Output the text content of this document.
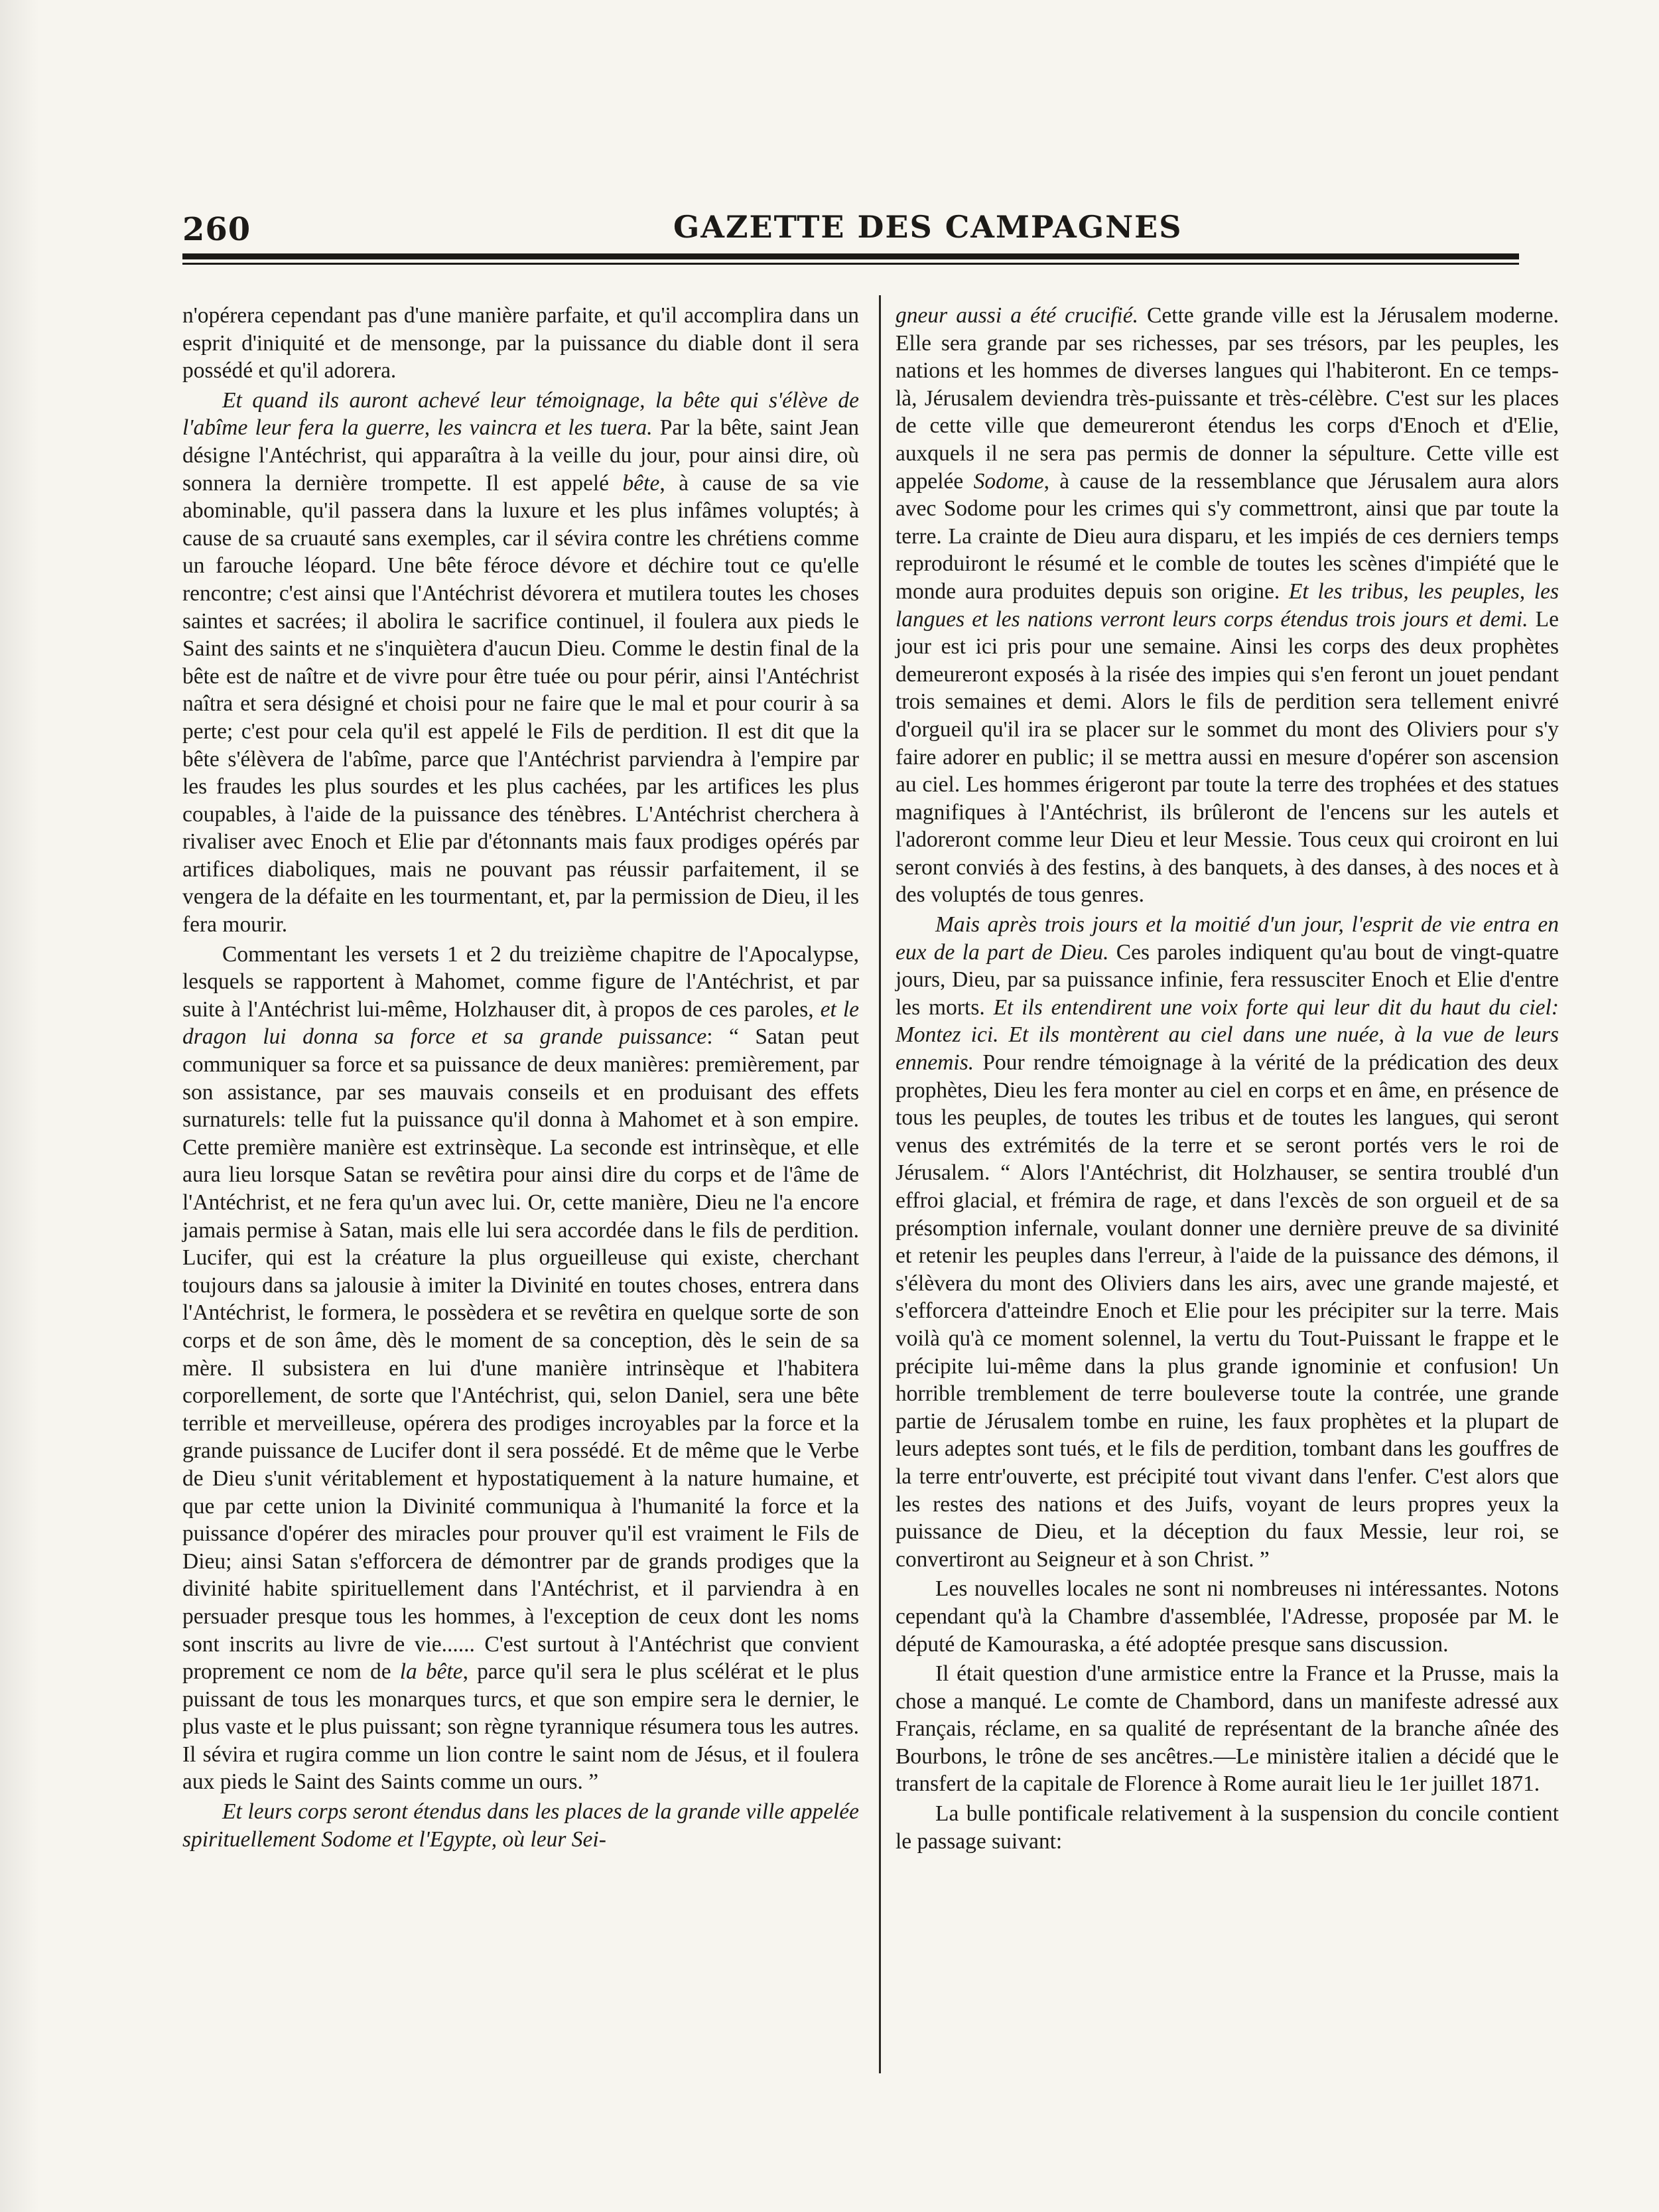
260	GAZETTE DES CAMPAGNES

n'opérera cependant pas d'une manière parfaite, et qu'il accomplira dans un esprit d'iniquité et de mensonge, par la puissance du diable dont il sera possédé et qu'il adorera.

Et quand ils auront achevé leur témoignage, la bête qui s'élève de l'abîme leur fera la guerre, les vaincra et les tuera. Par la bête, saint Jean désigne l'Antéchrist, qui apparaîtra à la veille du jour, pour ainsi dire, où sonnera la dernière trompette. Il est appelé bête, à cause de sa vie abominable, qu'il passera dans la luxure et les plus infâmes voluptés; à cause de sa cruauté sans exemples, car il sévira contre les chrétiens comme un farouche léopard. Une bête féroce dévore et déchire tout ce qu'elle rencontre; c'est ainsi que l'Antéchrist dévorera et mutilera toutes les choses saintes et sacrées; il abolira le sacrifice continuel, il foulera aux pieds le Saint des saints et ne s'inquiètera d'aucun Dieu. Comme le destin final de la bête est de naître et de vivre pour être tuée ou pour périr, ainsi l'Antéchrist naîtra et sera désigné et choisi pour ne faire que le mal et pour courir à sa perte; c'est pour cela qu'il est appelé le Fils de perdition. Il est dit que la bête s'élèvera de l'abîme, parce que l'Antéchrist parviendra à l'empire par les fraudes les plus sourdes et les plus cachées, par les artifices les plus coupables, à l'aide de la puissance des ténèbres. L'Antéchrist cherchera à rivaliser avec Enoch et Elie par d'étonnants mais faux prodiges opérés par artifices diaboliques, mais ne pouvant pas réussir parfaitement, il se vengera de la défaite en les tourmentant, et, par la permission de Dieu, il les fera mourir.

Commentant les versets 1 et 2 du treizième chapitre de l'Apocalypse, lesquels se rapportent à Mahomet, comme figure de l'Antéchrist, et par suite à l'Antéchrist lui-même, Holzhauser dit, à propos de ces paroles, et le dragon lui donna sa force et sa grande puissance: “ Satan peut communiquer sa force et sa puissance de deux manières: premièrement, par son assistance, par ses mauvais conseils et en produisant des effets surnaturels: telle fut la puissance qu'il donna à Mahomet et à son empire. Cette première manière est extrinsèque. La seconde est intrinsèque, et elle aura lieu lorsque Satan se revêtira pour ainsi dire du corps et de l'âme de l'Antéchrist, et ne fera qu'un avec lui. Or, cette manière, Dieu ne l'a encore jamais permise à Satan, mais elle lui sera accordée dans le fils de perdition. Lucifer, qui est la créature la plus orgueilleuse qui existe, cherchant toujours dans sa jalousie à imiter la Divinité en toutes choses, entrera dans l'Antéchrist, le formera, le possèdera et se revêtira en quelque sorte de son corps et de son âme, dès le moment de sa conception, dès le sein de sa mère. Il subsistera en lui d'une manière intrinsèque et l'habitera corporellement, de sorte que l'Antéchrist, qui, selon Daniel, sera une bête terrible et merveilleuse, opérera des prodiges incroyables par la force et la grande puissance de Lucifer dont il sera possédé. Et de même que le Verbe de Dieu s'unit véritablement et hypostatiquement à la nature humaine, et que par cette union la Divinité communiqua à l'humanité la force et la puissance d'opérer des miracles pour prouver qu'il est vraiment le Fils de Dieu; ainsi Satan s'efforcera de démontrer par de grands prodiges que la divinité habite spirituellement dans l'Antéchrist, et il parviendra à en persuader presque tous les hommes, à l'exception de ceux dont les noms sont inscrits au livre de vie...... C'est surtout à l'Antéchrist que convient proprement ce nom de la bête, parce qu'il sera le plus scélérat et le plus puissant de tous les monarques turcs, et que son empire sera le dernier, le plus vaste et le plus puissant; son règne tyrannique résumera tous les autres. Il sévira et rugira comme un lion contre le saint nom de Jésus, et il foulera aux pieds le Saint des Saints comme un ours. ”

Et leurs corps seront étendus dans les places de la grande ville appelée spirituellement Sodome et l'Egypte, où leur Sei-

gneur aussi a été crucifié. Cette grande ville est la Jérusalem moderne. Elle sera grande par ses richesses, par ses trésors, par les peuples, les nations et les hommes de diverses langues qui l'habiteront. En ce temps-là, Jérusalem deviendra très-puissante et très-célèbre. C'est sur les places de cette ville que demeureront étendus les corps d'Enoch et d'Elie, auxquels il ne sera pas permis de donner la sépulture. Cette ville est appelée Sodome, à cause de la ressemblance que Jérusalem aura alors avec Sodome pour les crimes qui s'y commettront, ainsi que par toute la terre. La crainte de Dieu aura disparu, et les impiés de ces derniers temps reproduiront le résumé et le comble de toutes les scènes d'impiété que le monde aura produites depuis son origine. Et les tribus, les peuples, les langues et les nations verront leurs corps étendus trois jours et demi. Le jour est ici pris pour une semaine. Ainsi les corps des deux prophètes demeureront exposés à la risée des impies qui s'en feront un jouet pendant trois semaines et demi. Alors le fils de perdition sera tellement enivré d'orgueil qu'il ira se placer sur le sommet du mont des Oliviers pour s'y faire adorer en public; il se mettra aussi en mesure d'opérer son ascension au ciel. Les hommes érigeront par toute la terre des trophées et des statues magnifiques à l'Antéchrist, ils brûleront de l'encens sur les autels et l'adoreront comme leur Dieu et leur Messie. Tous ceux qui croiront en lui seront conviés à des festins, à des banquets, à des danses, à des noces et à des voluptés de tous genres.

Mais après trois jours et la moitié d'un jour, l'esprit de vie entra en eux de la part de Dieu. Ces paroles indiquent qu'au bout de vingt-quatre jours, Dieu, par sa puissance infinie, fera ressusciter Enoch et Elie d'entre les morts. Et ils entendirent une voix forte qui leur dit du haut du ciel: Montez ici. Et ils montèrent au ciel dans une nuée, à la vue de leurs ennemis. Pour rendre témoignage à la vérité de la prédication des deux prophètes, Dieu les fera monter au ciel en corps et en âme, en présence de tous les peuples, de toutes les tribus et de toutes les langues, qui seront venus des extrémités de la terre et se seront portés vers le roi de Jérusalem. “ Alors l'Antéchrist, dit Holzhauser, se sentira troublé d'un effroi glacial, et frémira de rage, et dans l'excès de son orgueil et de sa présomption infernale, voulant donner une dernière preuve de sa divinité et retenir les peuples dans l'erreur, à l'aide de la puissance des démons, il s'élèvera du mont des Oliviers dans les airs, avec une grande majesté, et s'efforcera d'atteindre Enoch et Elie pour les précipiter sur la terre. Mais voilà qu'à ce moment solennel, la vertu du Tout-Puissant le frappe et le précipite lui-même dans la plus grande ignominie et confusion! Un horrible tremblement de terre bouleverse toute la contrée, une grande partie de Jérusalem tombe en ruine, les faux prophètes et la plupart de leurs adeptes sont tués, et le fils de perdition, tombant dans les gouffres de la terre entr'ouverte, est précipité tout vivant dans l'enfer. C'est alors que les restes des nations et des Juifs, voyant de leurs propres yeux la puissance de Dieu, et la déception du faux Messie, leur roi, se convertiront au Seigneur et à son Christ. ”

Les nouvelles locales ne sont ni nombreuses ni intéressantes. Notons cependant qu'à la Chambre d'assemblée, l'Adresse, proposée par M. le député de Kamouraska, a été adoptée presque sans discussion.

Il était question d'une armistice entre la France et la Prusse, mais la chose a manqué. Le comte de Chambord, dans un manifeste adressé aux Français, réclame, en sa qualité de représentant de la branche aînée des Bourbons, le trône de ses ancêtres.—Le ministère italien a décidé que le transfert de la capitale de Florence à Rome aurait lieu le 1er juillet 1871.

La bulle pontificale relativement à la suspension du concile contient le passage suivant:
